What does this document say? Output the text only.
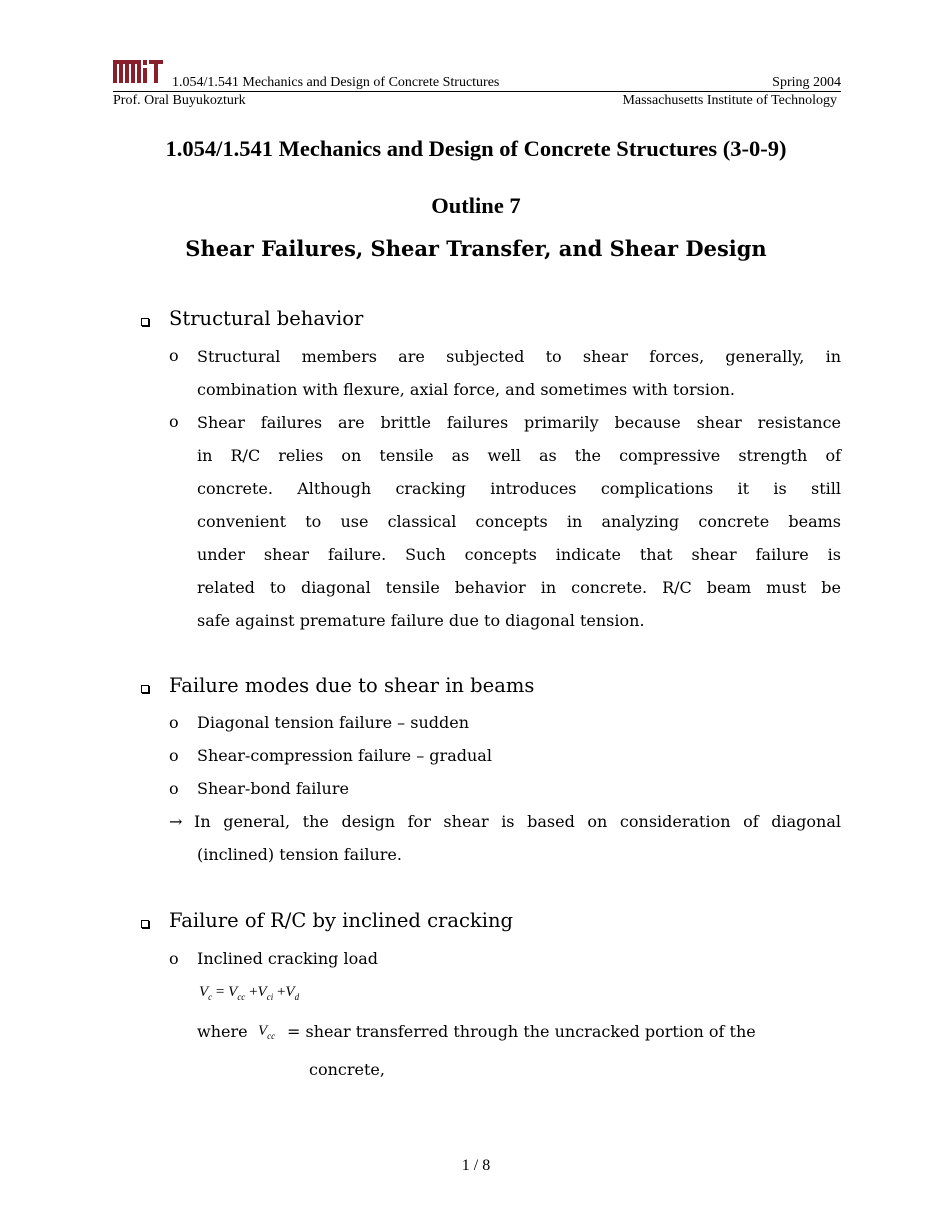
1.054/1.541 Mechanics and Design of Concrete Structures	Spring 2004
Prof. Oral Buyukozturk	Massachusetts Institute of Technology
1.054/1.541 Mechanics and Design of Concrete Structures (3-0-9)
Outline 7
Shear Failures, Shear Transfer, and Shear Design
Structural behavior
o Structural members are subjected to shear forces, generally, in
combination with flexure, axial force, and sometimes with torsion.
o Shear failures are brittle failures primarily because shear resistance
in R/C relies on tensile as well as the compressive strength of
concrete. Although cracking introduces complications it is still
convenient to use classical concepts in analyzing concrete beams
under shear failure. Such concepts indicate that shear failure is
related to diagonal tensile behavior in concrete. R/C beam must be
safe against premature failure due to diagonal tension.
Failure modes due to shear in beams
o Diagonal tension failure – sudden
o Shear-compression failure – gradual
o Shear-bond failure
→ In general, the design for shear is based on consideration of diagonal
(inclined) tension failure.
Failure of R/C by inclined cracking
o Inclined cracking load
$V_c = V_{cc} +V_{ci} +V_d$
where $V_{cc}$ = shear transferred through the uncracked portion of the
concrete,
1 / 8
